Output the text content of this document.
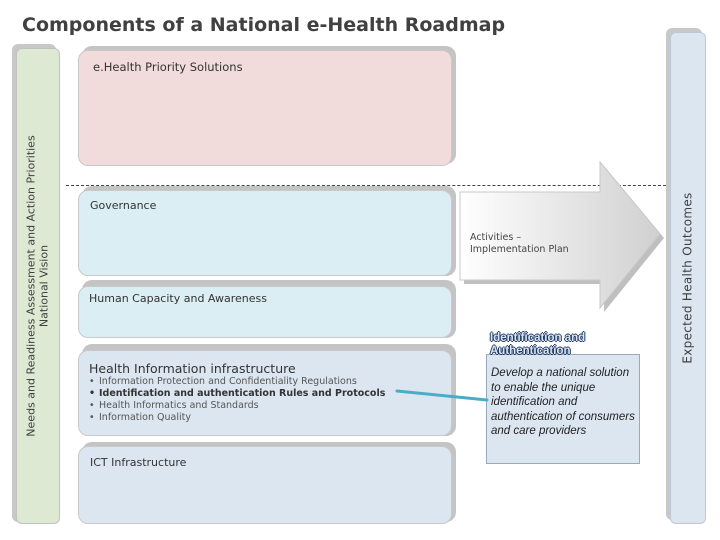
Components of a National e-Health Roadmap
Needs and Readiness Assessment and Action Priorities National Vision	Expected Health Outcomes
e.Health Priority Solutions
Activities –
Implementation Plan
Governance
Human Capacity and Awareness
Health Information infrastructure
• Information Protection and Confidentiality Regulations
• Identification and authentication Rules and Protocols
• Health Informatics and Standards
• Information Quality
ICT Infrastructure
Identification and
Authentication
Develop a national solution to enable the unique identification and authentication of consumers and care providers
